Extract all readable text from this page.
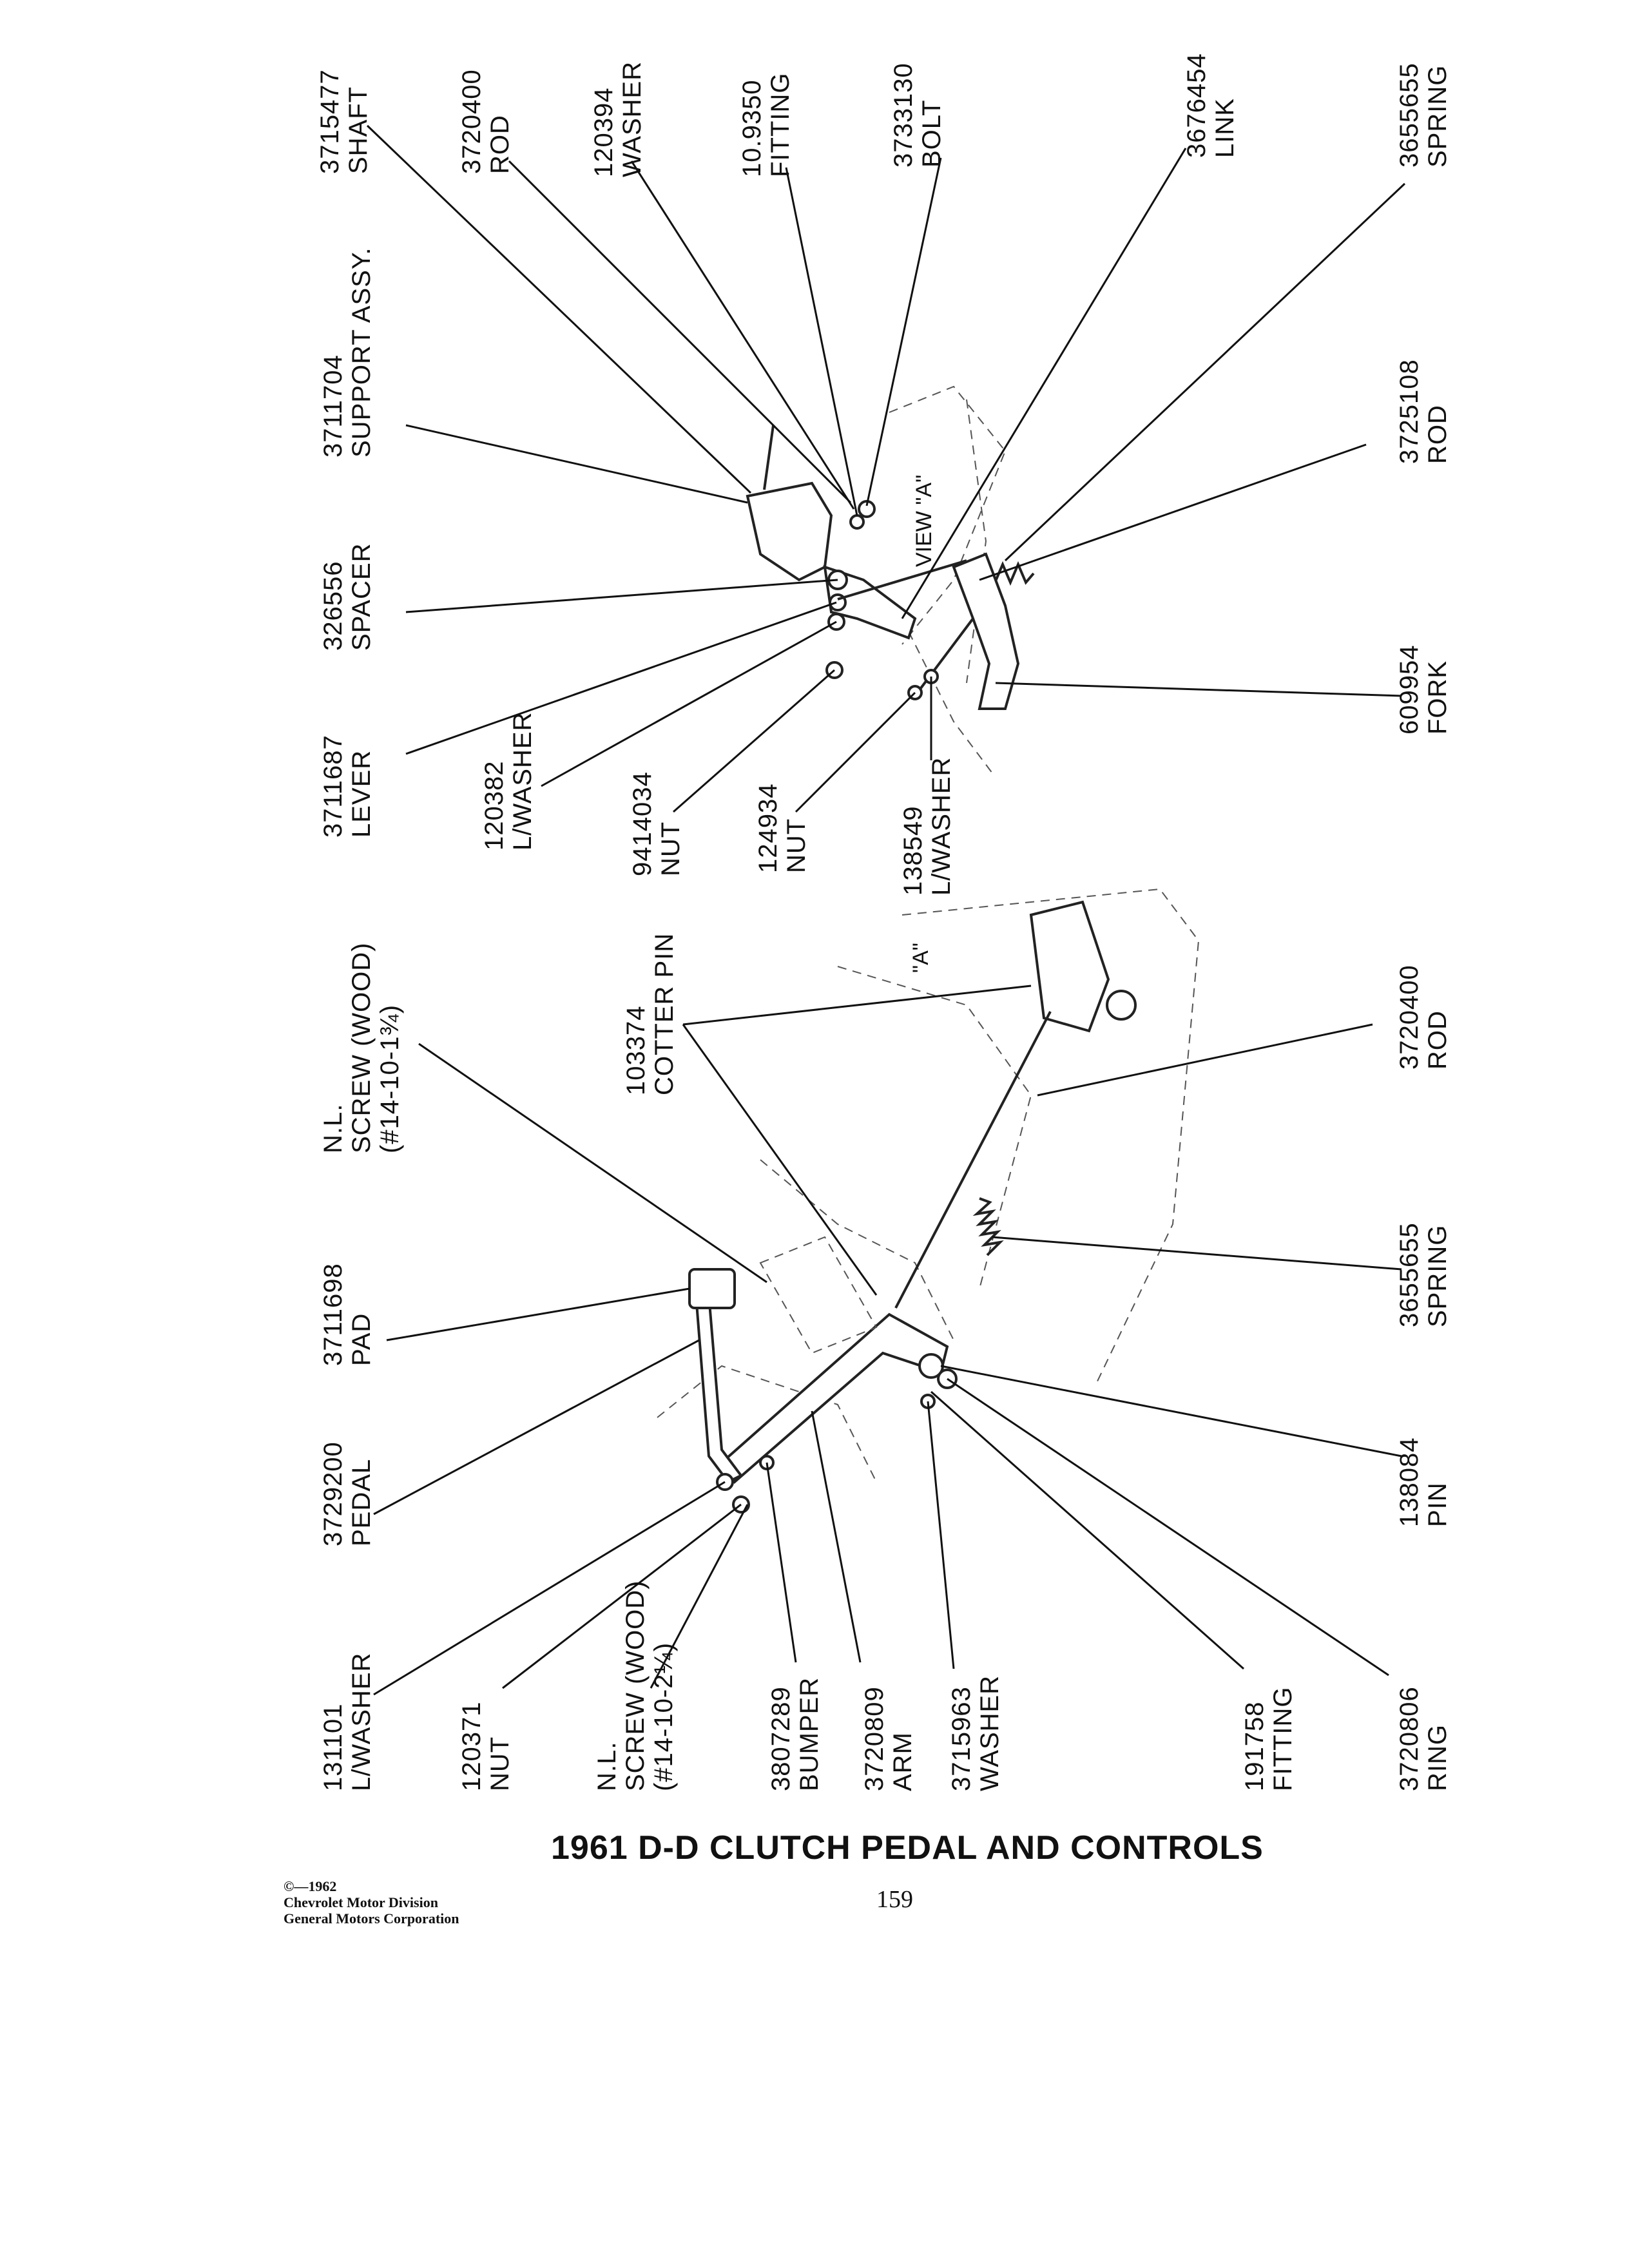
VIEW "A"
"A"
3715477SHAFT	3720400ROD	120394WASHER	10.9350FITTING	3733130BOLT	3676454LINK	3655655SPRING
3711704SUPPORT ASSY.	3725108ROD
326556SPACER
609954FORK
3711687LEVER	120382L/WASHER	9414034NUT	124934NUT	138549L/WASHER
N.L.SCREW (WOOD)(#14-10-1¾)	103374COTTER PIN	3720400ROD
3711698PAD
3655655SPRING
3729200PEDAL	138084PIN
131101L/WASHER	120371NUT	N.L.SCREW (WOOD)(#14-10-2¼)	3807289BUMPER 3720809ARM 3715963WASHER	191758FITTING	3720806RING
1961 D-D CLUTCH PEDAL AND CONTROLS
©—1962
Chevrolet Motor Division
General Motors Corporation
159
